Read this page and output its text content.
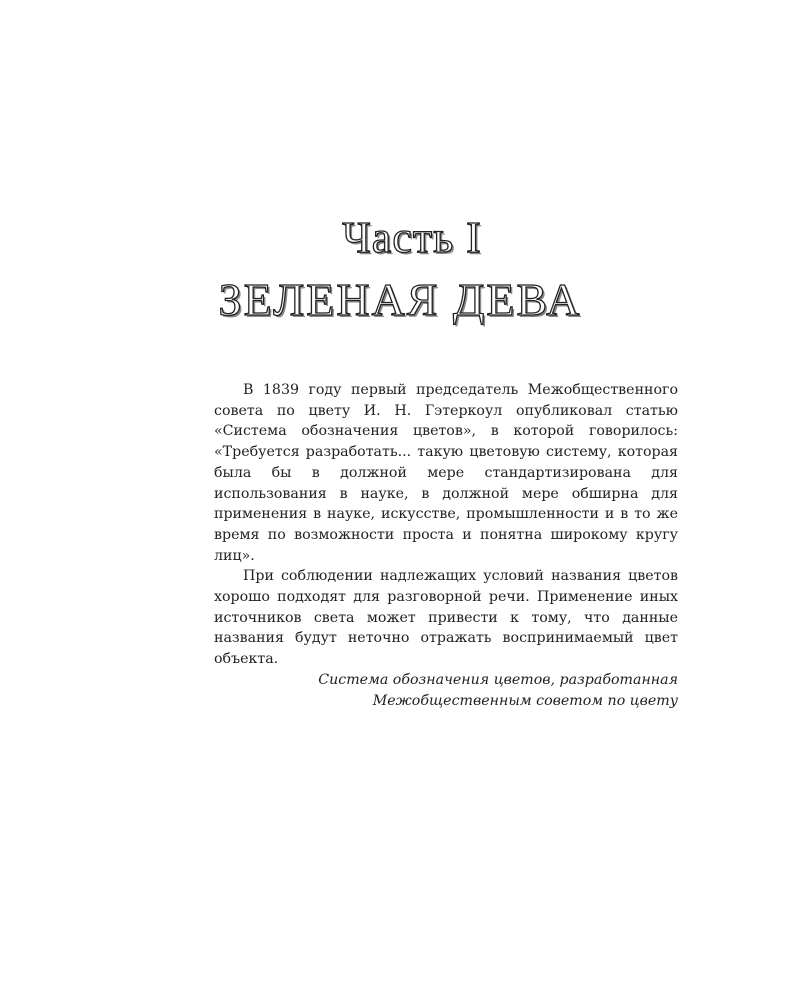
Часть I
ЗЕЛЕНАЯ ДЕВА

В 1839 году первый председатель Межобщественного совета по цвету И. Н. Гэтеркоул опубликовал статью «Система обозначения цветов», в которой говорилось: «Требуется разработать... такую цветовую систему, которая была бы в должной мере стандартизирована для использования в науке, в должной мере обширна для применения в науке, искусстве, промышленности и в то же время по возможности проста и понятна широкому кругу лиц».

При соблюдении надлежащих условий названия цветов хорошо подходят для разговорной речи. Применение иных источников света может привести к тому, что данные названия будут неточно отражать воспринимаемый цвет объекта.

Система обозначения цветов, разработанная
Межобщественным советом по цвету
